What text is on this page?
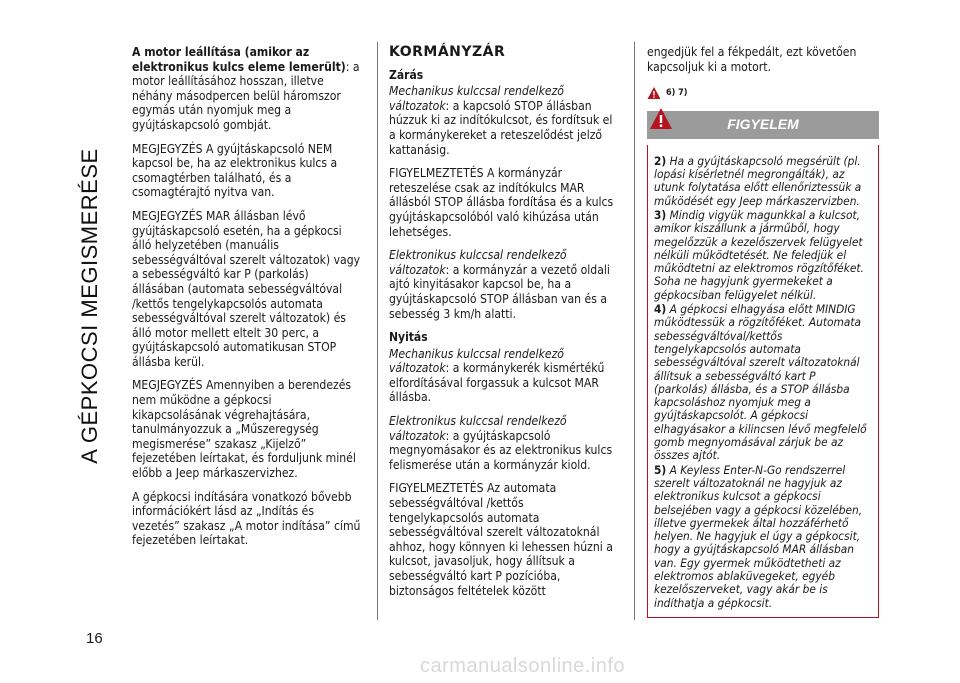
A GÉPKOCSI MEGISMERÉSE
16

A motor leállítása (amikor az elektronikus kulcs eleme lemerült): a motor leállításához hosszan, illetve néhány másodpercen belül háromszor egymás után nyomjuk meg a gyújtáskapcsoló gombját.

MEGJEGYZÉS A gyújtáskapcsoló NEM kapcsol be, ha az elektronikus kulcs a csomagtérben található, és a csomagtérajtó nyitva van.

MEGJEGYZÉS MAR állásban lévő gyújtáskapcsoló esetén, ha a gépkocsi álló helyzetében (manuális sebességváltóval szerelt változatok) vagy a sebességváltó kar P (parkolás) állásában (automata sebességváltóval /kettős tengelykapcsolós automata sebességváltóval szerelt változatok) és álló motor mellett eltelt 30 perc, a gyújtáskapcsoló automatikusan STOP állásba kerül.

MEGJEGYZÉS Amennyiben a berendezés nem működne a gépkocsi kikapcsolásának végrehajtására, tanulmányozzuk a „Műszeregység megismerése” szakasz „Kijelző” fejezetében leírtakat, és forduljunk minél előbb a Jeep márkaszervizhez.

A gépkocsi indítására vonatkozó bővebb információkért lásd az „Indítás és vezetés” szakasz „A motor indítása” című fejezetében leírtakat.

KORMÁNYZÁR
Zárás

Mechanikus kulccsal rendelkező változatok: a kapcsoló STOP állásban húzzuk ki az indítókulcsot, és fordítsuk el a kormánykereket a reteszelődést jelző kattanásig.

FIGYELMEZTETÉS A kormányzár reteszelése csak az indítókulcs MAR állásból STOP állásba fordítása és a kulcs gyújtáskapcsolóból való kihúzása után lehetséges.

Elektronikus kulccsal rendelkező változatok: a kormányzár a vezető oldali ajtó kinyitásakor kapcsol be, ha a gyújtáskapcsoló STOP állásban van és a sebesség 3 km/h alatti.

Nyitás

Mechanikus kulccsal rendelkező változatok: a kormánykerék kismértékű elfordításával forgassuk a kulcsot MAR állásba.

Elektronikus kulccsal rendelkező változatok: a gyújtáskapcsoló megnyomásakor és az elektronikus kulcs felismerése után a kormányzár kiold.

FIGYELMEZTETÉS Az automata sebességváltóval /kettős tengelykapcsolós automata sebességváltóval szerelt változatoknál ahhoz, hogy könnyen ki lehessen húzni a kulcsot, javasoljuk, hogy állítsuk a sebességváltó kart P pozícióba, biztonságos feltételek között

engedjük fel a fékpedált, ezt követően kapcsoljuk ki a motort.

6) 7)
FIGYELEM
2) Ha a gyújtáskapcsoló megsérült (pl. lopási kísérletnél megrongálták), az utunk folytatása előtt ellenőriztessük a működését egy Jeep márkaszervizben.
3) Mindig vigyük magunkkal a kulcsot, amikor kiszállunk a járműből, hogy megelőzzük a kezelőszervek felügyelet nélküli működtetését. Ne feledjük el működtetni az elektromos rögzítőféket. Soha ne hagyjunk gyermekeket a gépkocsiban felügyelet nélkül.
4) A gépkocsi elhagyása előtt MINDIG működtessük a rögzítőféket. Automata sebességváltóval/kettős tengelykapcsolós automata sebességváltóval szerelt változatoknál állítsuk a sebességváltó kart P (parkolás) állásba, és a STOP állásba kapcsoláshoz nyomjuk meg a gyújtáskapcsolót. A gépkocsi elhagyásakor a kilincsen lévő megfelelő gomb megnyomásával zárjuk be az összes ajtót.
5) A Keyless Enter-N-Go rendszerrel szerelt változatoknál ne hagyjuk az elektronikus kulcsot a gépkocsi belsejében vagy a gépkocsi közelében, illetve gyermekek által hozzáférhető helyen. Ne hagyjuk el úgy a gépkocsit, hogy a gyújtáskapcsoló MAR állásban van. Egy gyermek működtetheti az elektromos ablaküvegeket, egyéb kezelőszerveket, vagy akár be is indíthatja a gépkocsit.
carmanualsonline.info
